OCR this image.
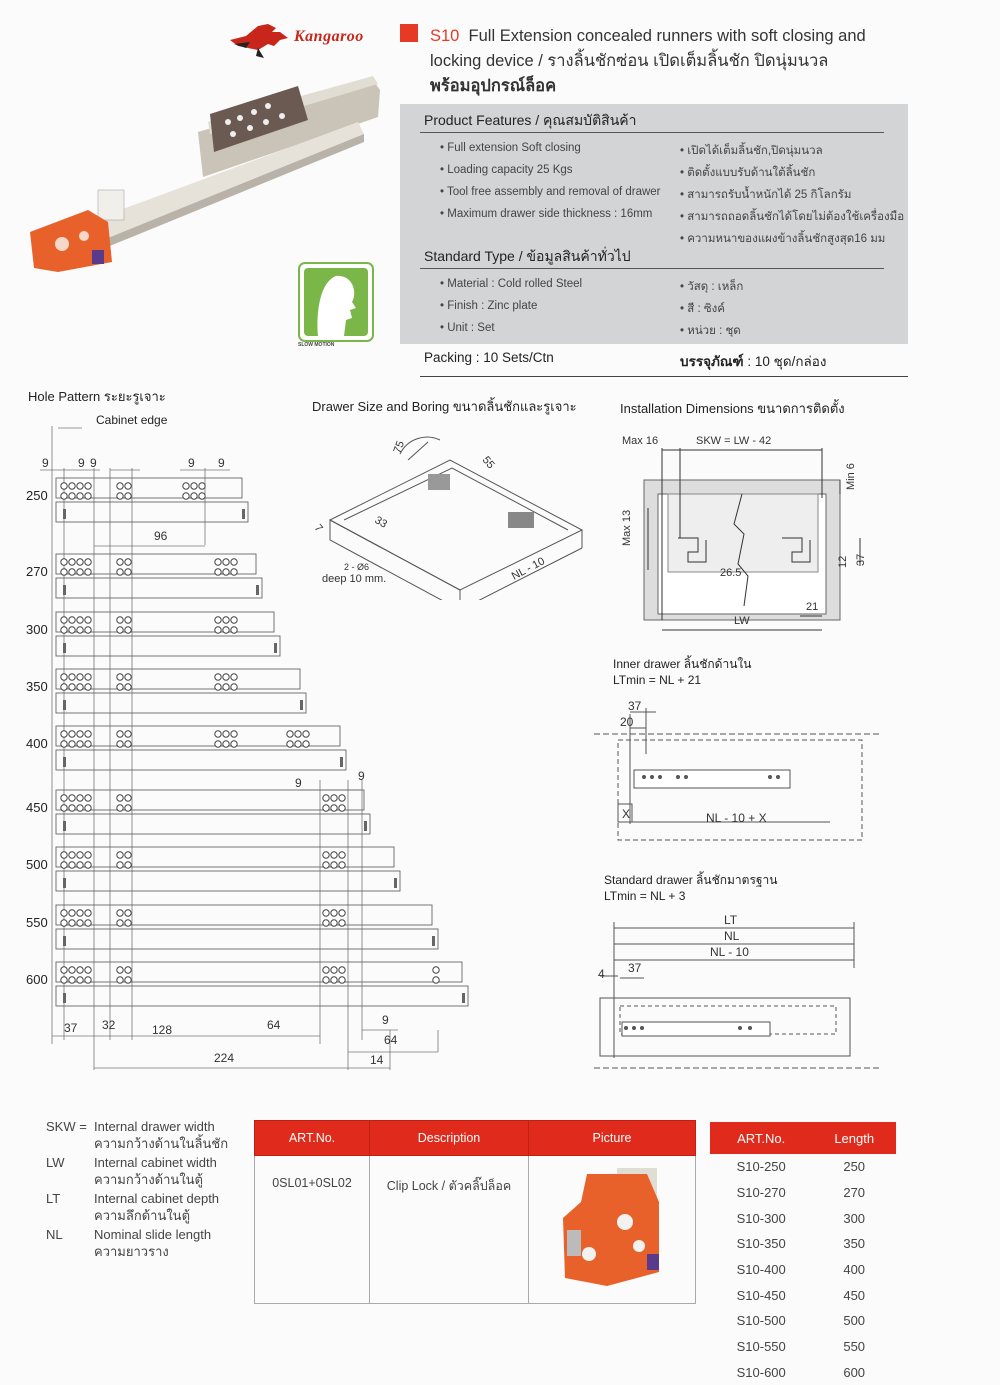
Kangaroo	S10 Full Extension concealed runners with soft closing and
locking device / รางลิ้นชักซ่อน เปิดเต็มลิ้นชัก ปิดนุ่มนวล
พร้อมอุปกรณ์ล็อค
SLOW MOTION
Product Features / คุณสมบัติสินค้า
• Full extension Soft closing
• Loading capacity 25 Kgs
• Tool free assembly and removal of drawer
• Maximum drawer side thickness : 16mm
• เปิดได้เต็มลิ้นชัก,ปิดนุ่มนวล
• ติดตั้งแบบรับด้านใต้ลิ้นชัก
• สามารถรับน้ำหนักได้ 25 กิโลกรัม
• สามารถถอดลิ้นชักได้โดยไม่ต้องใช้เครื่องมือ
• ความหนาของแผงข้างลิ้นชักสูงสุด16 มม
Standard Type / ข้อมูลสินค้าทั่วไป
• Material : Cold rolled Steel
• Finish : Zinc plate
• Unit : Set
• วัสดุ : เหล็ก
• สี : ซิงค์
• หน่วย : ชุด
Packing : 10 Sets/Ctn	บรรจุภัณฑ์ : 10 ชุด/กล่อง
Hole Pattern ระยะรูเจาะ
Cabinet edge
9 9 9	9 9
96
9	9
37 32	128	64	9
64
224	14
250
270
300
350
400
450
500
550
600
Drawer Size and Boring ขนาดลิ้นชักและรูเจาะ
75
55
33
7
2 - Ø6
deep 10 mm.	NL - 10
Installation Dimensions ขนาดการติดตั้ง
Max 16	SKW = LW - 42
Min 6
Max 13
12 37
26.5
21
LW
Inner drawer ลิ้นชักด้านใน
LTmin = NL + 21
37
20
X	NL - 10 + X
Standard drawer ลิ้นชักมาตรฐาน
LTmin = NL + 3
LT
NL
NL - 10
4 37
SKW = Internal drawer width
ความกว้างด้านในลิ้นชัก
LW Internal cabinet width
ความกว้างด้านในตู้
LT	Internal cabinet depth
ความลึกด้านในตู้
NL Nominal slide length
ความยาวราง
ART.No.	Description	Picture
0SL01+0SL02	Clip Lock / ตัวคลิ๊ปล็อค	
ART.No.	Length
S10-250	250
S10-270	270
S10-300	300
S10-350	350
S10-400	400
S10-450	450
S10-500	500
S10-550	550
S10-600	600
